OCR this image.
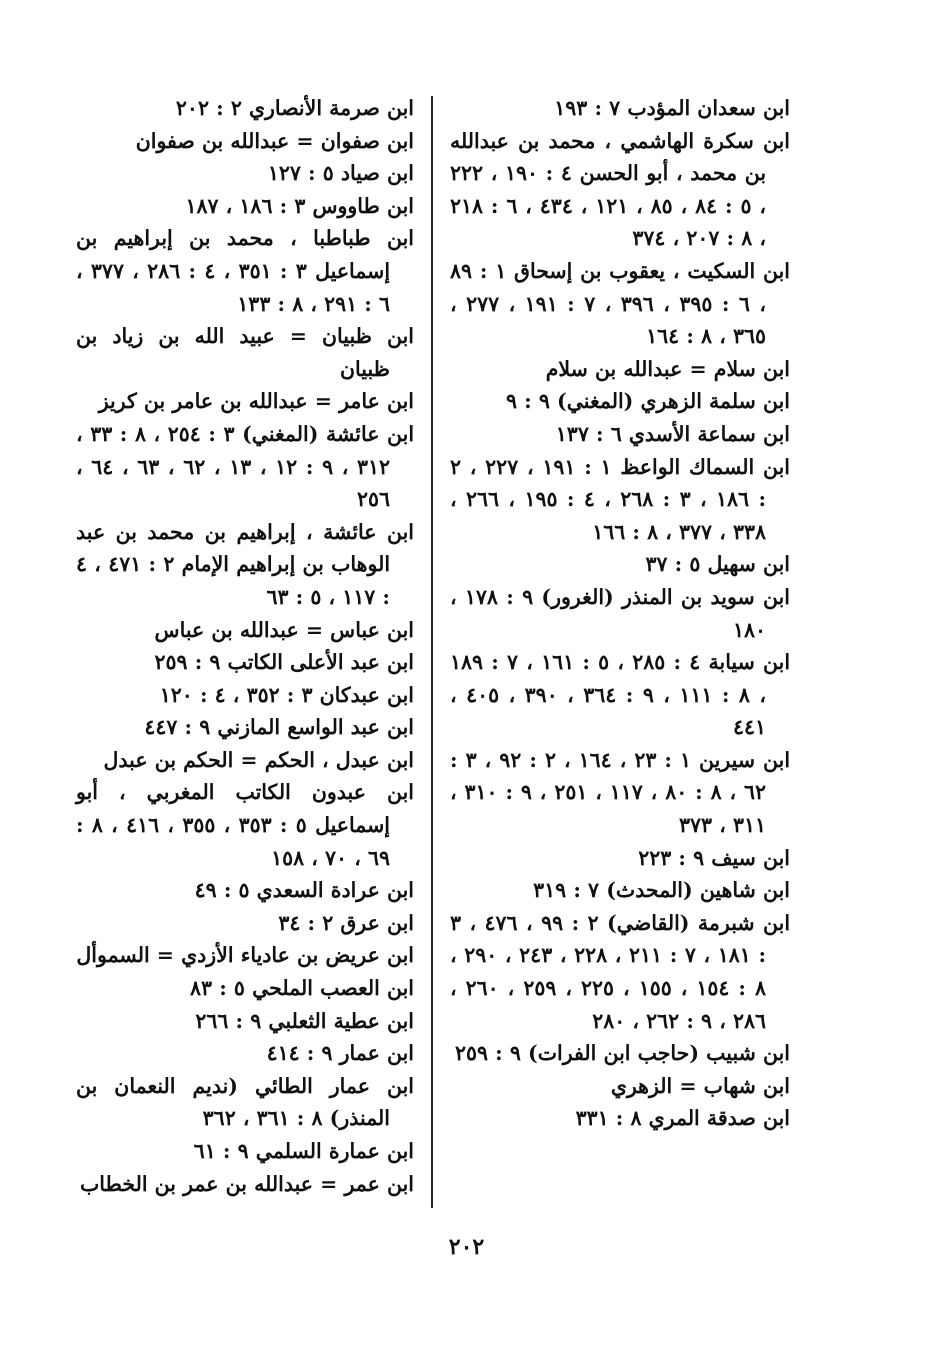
ابن سعدان المؤدب ٧ : ١٩٣
ابن سكرة الهاشمي ، محمد بن عبدالله بن محمد ، أبو الحسن ٤ : ١٩٠ ، ٢٢٢ ، ٥ : ٨٤ ، ٨٥ ، ١٢١ ، ٤٣٤ ، ٦ : ٢١٨ ، ٨ : ٢٠٧ ، ٣٧٤
ابن السكيت ، يعقوب بن إسحاق ١ : ٨٩ ، ٦ : ٣٩٥ ، ٣٩٦ ، ٧ : ١٩١ ، ٢٧٧ ، ٣٦٥ ، ٨ : ١٦٤
ابن سلام = عبدالله بن سلام
ابن سلمة الزهري (المغني) ٩ : ٩
ابن سماعة الأسدي ٦ : ١٣٧
ابن السماك الواعظ ١ : ١٩١ ، ٢٢٧ ، ٢ : ١٨٦ ، ٣ : ٢٦٨ ، ٤ : ١٩٥ ، ٢٦٦ ، ٣٣٨ ، ٣٧٧ ، ٨ : ١٦٦
ابن سهيل ٥ : ٣٧
ابن سويد بن المنذر (الغرور) ٩ : ١٧٨ ، ١٨٠
ابن سيابة ٤ : ٢٨٥ ، ٥ : ١٦١ ، ٧ : ١٨٩ ، ٨ : ١١١ ، ٩ : ٣٦٤ ، ٣٩٠ ، ٤٠٥ ، ٤٤١
ابن سيرين ١ : ٢٣ ، ١٦٤ ، ٢ : ٩٢ ، ٣ : ٦٢ ، ٨ : ٨٠ ، ١١٧ ، ٢٥١ ، ٩ : ٣١٠ ، ٣١١ ، ٣٧٣
ابن سيف ٩ : ٢٢٣
ابن شاهين (المحدث) ٧ : ٣١٩
ابن شبرمة (القاضي) ٢ : ٩٩ ، ٤٧٦ ، ٣ : ١٨١ ، ٧ : ٢١١ ، ٢٢٨ ، ٢٤٣ ، ٢٩٠ ، ٨ : ١٥٤ ، ١٥٥ ، ٢٢٥ ، ٢٥٩ ، ٢٦٠ ، ٢٨٦ ، ٩ : ٢٦٢ ، ٢٨٠
ابن شبيب (حاجب ابن الفرات) ٩ : ٢٥٩
ابن شهاب = الزهري
ابن صدقة المري ٨ : ٣٣١
ابن صرمة الأنصاري ٢ : ٢٠٢
ابن صفوان = عبدالله بن صفوان
ابن صياد ٥ : ١٢٧
ابن طاووس ٣ : ١٨٦ ، ١٨٧
ابن طباطبا ، محمد بن إبراهيم بن إسماعيل ٣ : ٣٥١ ، ٤ : ٢٨٦ ، ٣٧٧ ، ٦ : ٢٩١ ، ٨ : ١٣٣
ابن ظبيان = عبيد الله بن زياد بن ظبيان
ابن عامر = عبدالله بن عامر بن كريز
ابن عائشة (المغني) ٣ : ٢٥٤ ، ٨ : ٣٣ ، ٣١٢ ، ٩ : ١٢ ، ١٣ ، ٦٢ ، ٦٣ ، ٦٤ ، ٢٥٦
ابن عائشة ، إبراهيم بن محمد بن عبد الوهاب بن إبراهيم الإمام ٢ : ٤٧١ ، ٤ : ١١٧ ، ٥ : ٦٣
ابن عباس = عبدالله بن عباس
ابن عبد الأعلى الكاتب ٩ : ٢٥٩
ابن عبدكان ٣ : ٣٥٢ ، ٤ : ١٢٠
ابن عبد الواسع المازني ٩ : ٤٤٧
ابن عبدل ، الحكم = الحكم بن عبدل
ابن عبدون الكاتب المغربي ، أبو إسماعيل ٥ : ٣٥٣ ، ٣٥٥ ، ٤١٦ ، ٨ : ٦٩ ، ٧٠ ، ١٥٨
ابن عرادة السعدي ٥ : ٤٩
ابن عرق ٢ : ٣٤
ابن عريض بن عادياء الأزدي = السموأل
ابن العصب الملحي ٥ : ٨٣
ابن عطية الثعلبي ٩ : ٢٦٦
ابن عمار ٩ : ٤١٤
ابن عمار الطائي (نديم النعمان بن المنذر) ٨ : ٣٦١ ، ٣٦٢
ابن عمارة السلمي ٩ : ٦١
ابن عمر = عبدالله بن عمر بن الخطاب
٢٠٢
